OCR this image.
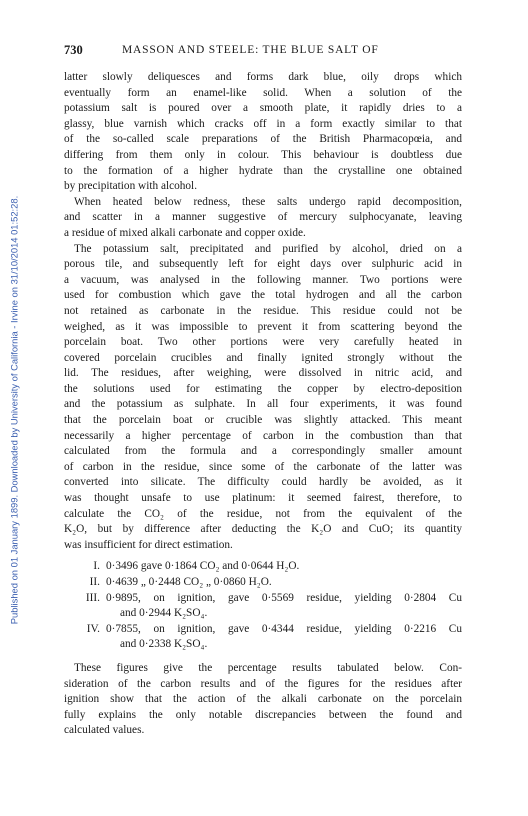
Published on 01 January 1899. Downloaded by University of California - Irvine on 31/10/2014 01:52:28.
730	MASSON AND STEELE: THE BLUE SALT OF

latter slowly deliquesces and forms dark blue, oily drops which
eventually form an enamel-like solid. When a solution of the
potassium salt is poured over a smooth plate, it rapidly dries to a
glassy, blue varnish which cracks off in a form exactly similar to that
of the so-called scale preparations of the British Pharmacopœia, and
differing from them only in colour. This behaviour is doubtless due
to the formation of a higher hydrate than the crystalline one obtained
by precipitation with alcohol.

When heated below redness, these salts undergo rapid decomposition,
and scatter in a manner suggestive of mercury sulphocyanate, leaving
a residue of mixed alkali carbonate and copper oxide.

The potassium salt, precipitated and purified by alcohol, dried on a
porous tile, and subsequently left for eight days over sulphuric acid in
a vacuum, was analysed in the following manner. Two portions were
used for combustion which gave the total hydrogen and all the carbon
not retained as carbonate in the residue. This residue could not be
weighed, as it was impossible to prevent it from scattering beyond the
porcelain boat. Two other portions were very carefully heated in
covered porcelain crucibles and finally ignited strongly without the
lid. The residues, after weighing, were dissolved in nitric acid, and
the solutions used for estimating the copper by electro-deposition
and the potassium as sulphate. In all four experiments, it was found
that the porcelain boat or crucible was slightly attacked. This meant
necessarily a higher percentage of carbon in the combustion than that
calculated from the formula and a correspondingly smaller amount
of carbon in the residue, since some of the carbonate of the latter was
converted into silicate. The difficulty could hardly be avoided, as it
was thought unsafe to use platinum: it seemed fairest, therefore, to
calculate the CO₂ of the residue, not from the equivalent of the
K₂O, but by difference after deducting the K₂O and CuO; its quantity
was insufficient for direct estimation.

I. 0·3496 gave 0·1864 CO₂ and 0·0644 H₂O.
II. 0·4639 „ 0·2448 CO₂ „ 0·0860 H₂O.
III. 0·9895, on ignition, gave 0·5569 residue, yielding 0·2804 Cu
and 0·2944 K₂SO₄.
IV. 0·7855, on ignition, gave 0·4344 residue, yielding 0·2216 Cu
and 0·2338 K₂SO₄.

These figures give the percentage results tabulated below. Con-
sideration of the carbon results and of the figures for the residues after
ignition show that the action of the alkali carbonate on the porcelain
fully explains the only notable discrepancies between the found and
calculated values.
